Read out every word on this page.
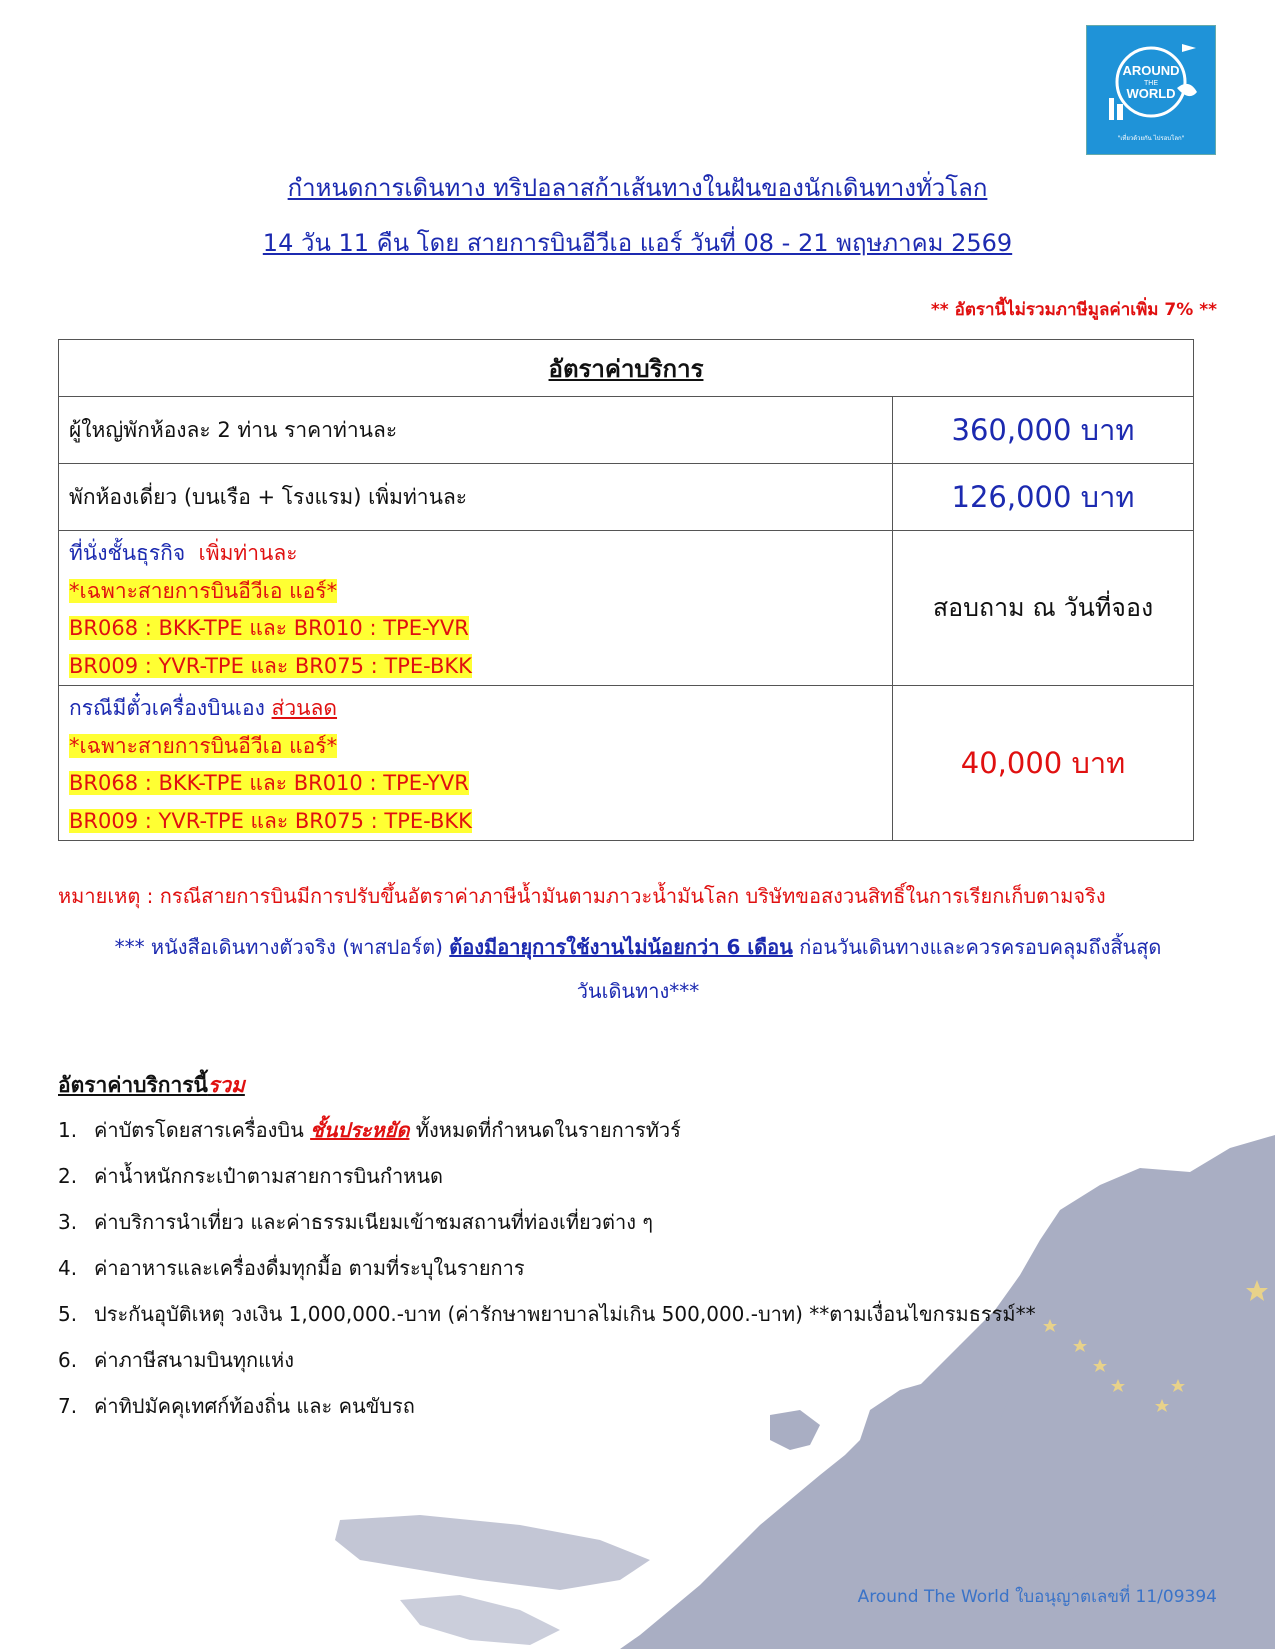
AROUND
THE
WORLD
"เที่ยวด้วยกัน ไปรอบโลก"
กำหนดการเดินทาง ทริปอลาสก้าเส้นทางในฝันของนักเดินทางทั่วโลก
14 วัน 11 คืน โดย สายการบินอีวีเอ แอร์ วันที่ 08 - 21 พฤษภาคม 2569
** อัตรานี้ไม่รวมภาษีมูลค่าเพิ่ม 7% **
อัตราค่าบริการ	
ผู้ใหญ่พักห้องละ 2 ท่าน ราคาท่านละ	360,000 บาท
พักห้องเดี่ยว (บนเรือ + โรงแรม) เพิ่มท่านละ	126,000 บาท

ที่นั่งชั้นธุรกิจ เพิ่มท่านละ
*เฉพาะสายการบินอีวีเอ แอร์*
BR068 : BKK-TPE และ BR010 : TPE-YVR
BR009 : YVR-TPE และ BR075 : TPE-BKK	สอบถาม ณ วันที่จอง

กรณีมีตั๋วเครื่องบินเอง ส่วนลด
*เฉพาะสายการบินอีวีเอ แอร์*
BR068 : BKK-TPE และ BR010 : TPE-YVR
BR009 : YVR-TPE และ BR075 : TPE-BKK	40,000 บาท
หมายเหตุ : กรณีสายการบินมีการปรับขึ้นอัตราค่าภาษีน้ำมันตามภาวะน้ำมันโลก บริษัทขอสงวนสิทธิ์ในการเรียกเก็บตามจริง
*** หนังสือเดินทางตัวจริง (พาสปอร์ต) ต้องมีอายุการใช้งานไม่น้อยกว่า 6 เดือน ก่อนวันเดินทางและควรครอบคลุมถึงสิ้นสุด
วันเดินทาง***
อัตราค่าบริการนี้รวม
1. ค่าบัตรโดยสารเครื่องบิน ชั้นประหยัด ทั้งหมดที่กำหนดในรายการทัวร์
2. ค่าน้ำหนักกระเป๋าตามสายการบินกำหนด
3. ค่าบริการนำเที่ยว และค่าธรรมเนียมเข้าชมสถานที่ท่องเที่ยวต่าง ๆ
4. ค่าอาหารและเครื่องดื่มทุกมื้อ ตามที่ระบุในรายการ
5. ประกันอุบัติเหตุ วงเงิน 1,000,000.-บาท (ค่ารักษาพยาบาลไม่เกิน 500,000.-บาท) **ตามเงื่อนไขกรมธรรม์**
6. ค่าภาษีสนามบินทุกแห่ง
7. ค่าทิปมัคคุเทศก์ท้องถิ่น และ คนขับรถ
Around The World ใบอนุญาตเลขที่ 11/09394
